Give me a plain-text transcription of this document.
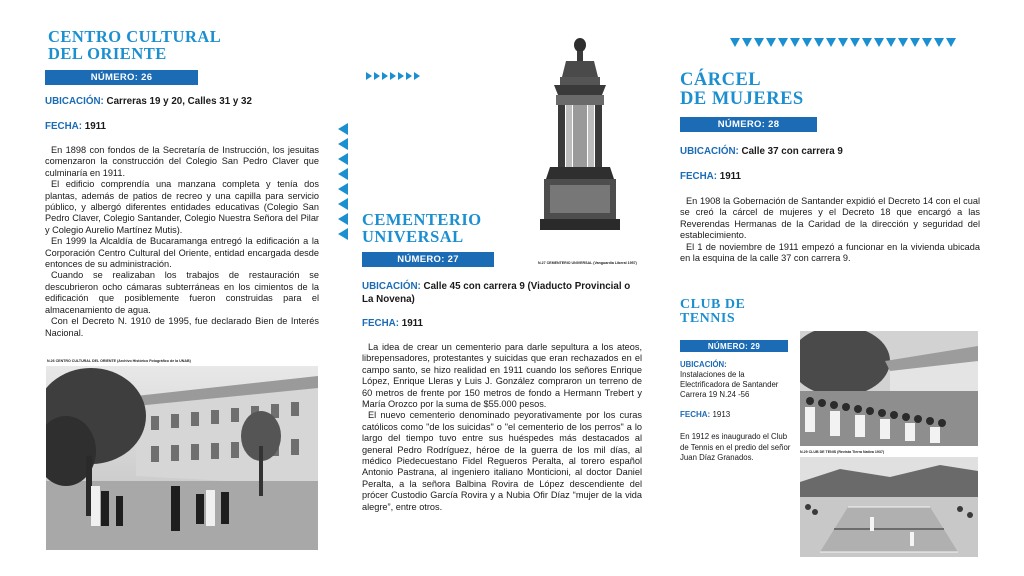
CENTRO CULTURAL
DEL ORIENTE
NÚMERO: 26
UBICACIÓN: Carreras 19 y 20, Calles 31 y 32
FECHA: 1911

En 1898 con fondos de la Secretaría de Instrucción, los jesuitas comenzaron la construcción del Colegio San Pedro Claver que culminaría en 1911.

El edificio comprendía una manzana completa y tenía dos plantas, además de patios de recreo y una capilla para servicio público, y albergó diferentes entidades educativas (Colegio San Pedro Claver, Colegio Santander, Colegio Nuestra Señora del Pilar y Colegio Aurelio Martínez Mutis).

En 1999 la Alcaldía de Bucaramanga entregó la edificación a la Corporación Centro Cultural del Oriente, entidad encargada desde entonces de su administración.

Cuando se realizaban los trabajos de restauración se descubrieron ocho cámaras subterráneas en los cimientos de la edificación que posiblemente fueron construidas para el almacenamiento de agua.

Con el Decreto N. 1910 de 1995, fue declarado Bien de Interés Nacional.

N.26 CENTRO CULTURAL DEL ORIENTE (Archivo Histórico Fotográfico de la UNAB)
N.27 CEMENTERIO UNIVERSAL (Vanguardia Liberal 1957)
CEMENTERIO
UNIVERSAL
NÚMERO: 27
UBICACIÓN: Calle 45 con carrera 9 (Viaducto Provincial o La Novena)
FECHA: 1911

La idea de crear un cementerio para darle sepultura a los ateos, librepensadores, protestantes y suicidas que eran rechazados en el campo santo, se hizo realidad en 1911 cuando los señores Enrique López, Enrique Lleras y Luis J. González compraron un terreno de 60 metros de frente por 150 metros de fondo a Hermann Trebert y María Orozco por la suma de $55.000 pesos.

El nuevo cementerio denominado peyorativamente por los curas católicos como "de los suicidas" o "el cementerio de los perros" a lo largo del tiempo tuvo entre sus huéspedes más destacados al general Pedro Rodríguez, héroe de la guerra de los mil días, al médico Piedecuestano Fidel Regueros Peralta, al torero español Antonio Pastrana, al ingeniero italiano Monticioni, al doctor Daniel Peralta, a la señora Balbina Rovira de López descendiente del prócer Custodio García Rovira y a Nubia Ofir Díaz “mujer de la vida alegre”, entre otros.

CÁRCEL
DE MUJERES
NÚMERO: 28
UBICACIÓN: Calle 37 con carrera 9
FECHA: 1911

En 1908 la Gobernación de Santander expidió el Decreto 14 con el cual se creó la cárcel de mujeres y el Decreto 18 que encargó a las Reverendas Hermanas de la Caridad de la dirección y seguridad del establecimiento.

El 1 de noviembre de 1911 empezó a funcionar en la vivienda ubicada en la esquina de la calle 37 con carrera 9.

CLUB DE
TENNIS
NÚMERO: 29
UBICACIÓN:
Instalaciones de la Electrificadora de Santander Carrera 19 N.24 -56
FECHA: 1913
En 1912 es inaugurado el Club de Tennis en el predio del señor Juan Díaz Granados.
N.29 CLUB DE TENIS (Revista Tierra Nativa 1937)
